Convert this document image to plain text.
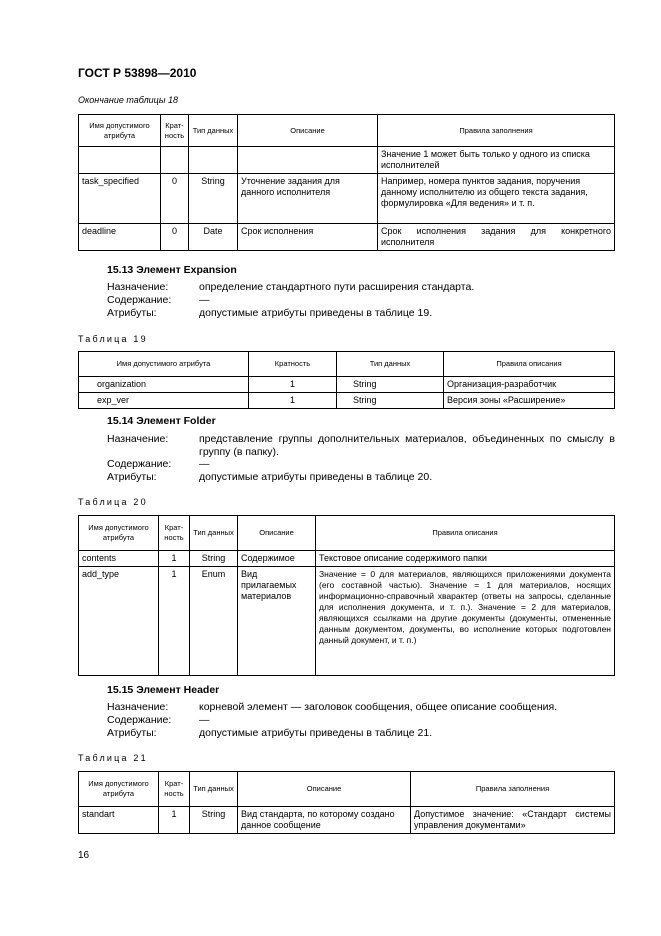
ГОСТ Р 53898—2010
Окончание таблицы 18
Имя допустимого атрибута	Крат-ность	Тип данных	Описание	Правила заполнения
				Значение 1 может быть только у одного из списка исполнителей
task_specified	0	String	Уточнение задания для данного исполнителя	Например, номера пунктов задания, поручения данному исполнителю из общего текста задания, формулировка «Для ведения» и т. п.
deadline	0	Date	Срок исполнения	Срок исполнения задания для конкретного исполнителя
15.13 Элемент Expansion
Назначение:	определение стандартного пути расширения стандарта.
Содержание:	—
Атрибуты:	допустимые атрибуты приведены в таблице 19.
Таблица 19
Имя допустимого атрибута	Кратность	Тип данных	Правила описания
organization	1	String	Организация-разработчик
exp_ver	1	String	Версия зоны «Расширение»
15.14 Элемент Folder
Назначение:	представление группы дополнительных материалов, объединенных по смыслу в группу (в папку).
Содержание:	—
Атрибуты:	допустимые атрибуты приведены в таблице 20.
Таблица 20
Имя допустимого атрибута	Крат-ность	Тип данных	Описание	Правила описания
contents	1	String	Содержимое	Текстовое описание содержимого папки
add_type	1	Enum	Вид прилагаемых материалов	Значение = 0 для материалов, являющихся приложениями документа (его составной частью). Значение = 1 для материалов, носящих информационно-справочный хварактер (ответы на запросы, сделанные для исполнения документа, и т. п.). Значение = 2 для материалов, являющихся ссылками на другие документы (документы, отмененные данным документом, документы, во исполнение которых подготовлен данный документ, и т. п.)
15.15 Элемент Header
Назначение:	корневой элемент — заголовок сообщения, общее описание сообщения.
Содержание:	—
Атрибуты:	допустимые атрибуты приведены в таблице 21.
Таблица 21
Имя допустимого атрибута	Крат-ность	Тип данных	Описание	Правила заполнения
standart	1	String	Вид стандарта, по которому создано данное сообщение	Допустимое значение: «Стандарт системы управления документами»
16
